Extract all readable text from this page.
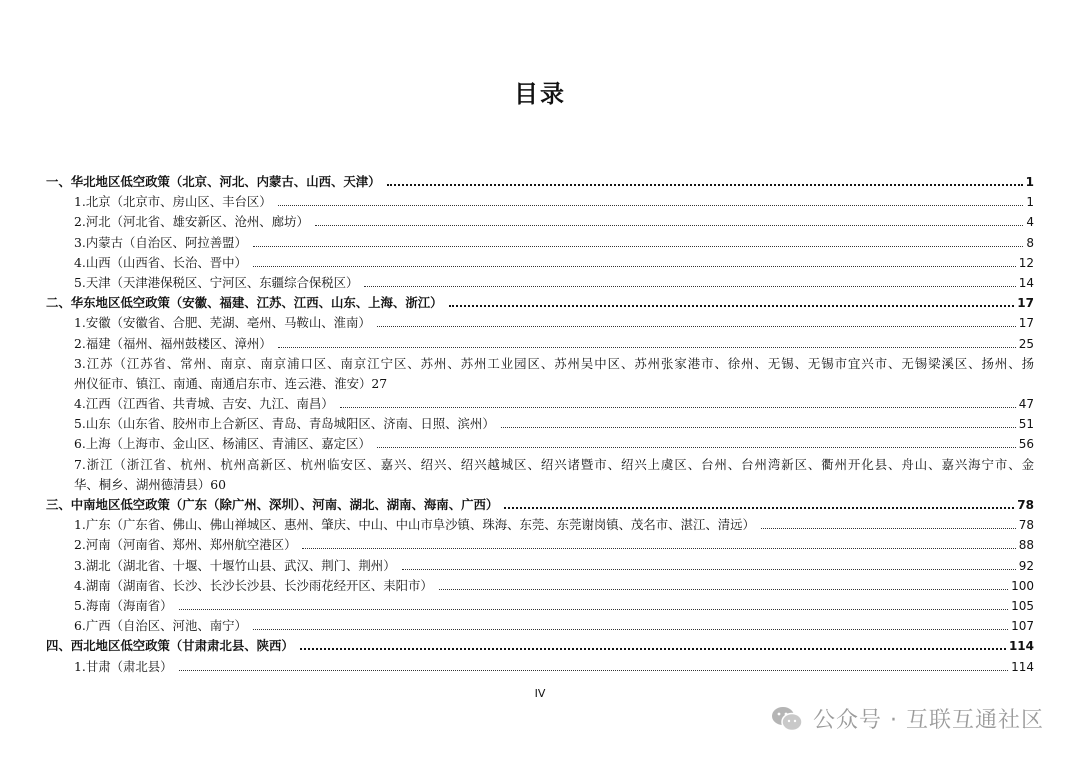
目录
一、华北地区低空政策（北京、河北、内蒙古、山西、天津）	1
1.北京（北京市、房山区、丰台区）	1
2.河北（河北省、雄安新区、沧州、廊坊）	4
3.内蒙古（自治区、阿拉善盟）	8
4.山西（山西省、长治、晋中）	12
5.天津（天津港保税区、宁河区、东疆综合保税区）	14
二、华东地区低空政策（安徽、福建、江苏、江西、山东、上海、浙江）	17
1.安徽（安徽省、合肥、芜湖、亳州、马鞍山、淮南）	17
2.福建（福州、福州鼓楼区、漳州）	25
3.江苏（江苏省、常州、南京、南京浦口区、南京江宁区、苏州、苏州工业园区、苏州吴中区、苏州张家港市、徐州、无锡、无锡市宜兴市、无锡梁溪区、扬州、扬
州仪征市、镇江、南通、南通启东市、连云港、淮安） 27
4.江西（江西省、共青城、吉安、九江、南昌）	47
5.山东（山东省、胶州市上合新区、青岛、青岛城阳区、济南、日照、滨州）	51
6.上海（上海市、金山区、杨浦区、青浦区、嘉定区）	56
7.浙江（浙江省、杭州、杭州高新区、杭州临安区、嘉兴、绍兴、绍兴越城区、绍兴诸暨市、绍兴上虞区、台州、台州湾新区、衢州开化县、舟山、嘉兴海宁市、金
华、桐乡、湖州德清县） 60
三、中南地区低空政策（广东（除广州、深圳）、河南、湖北、湖南、海南、广西）	78
1.广东（广东省、佛山、佛山禅城区、惠州、肇庆、中山、中山市阜沙镇、珠海、东莞、东莞谢岗镇、茂名市、湛江、清远）	78
2.河南（河南省、郑州、郑州航空港区）	88
3.湖北（湖北省、十堰、十堰竹山县、武汉、荆门、荆州）	92
4.湖南（湖南省、长沙、长沙长沙县、长沙雨花经开区、耒阳市）	100
5.海南（海南省）	105
6.广西（自治区、河池、南宁）	107
四、西北地区低空政策（甘肃肃北县、陕西）	114
1.甘肃（肃北县）	114
IV
公众号 · 互联互通社区
